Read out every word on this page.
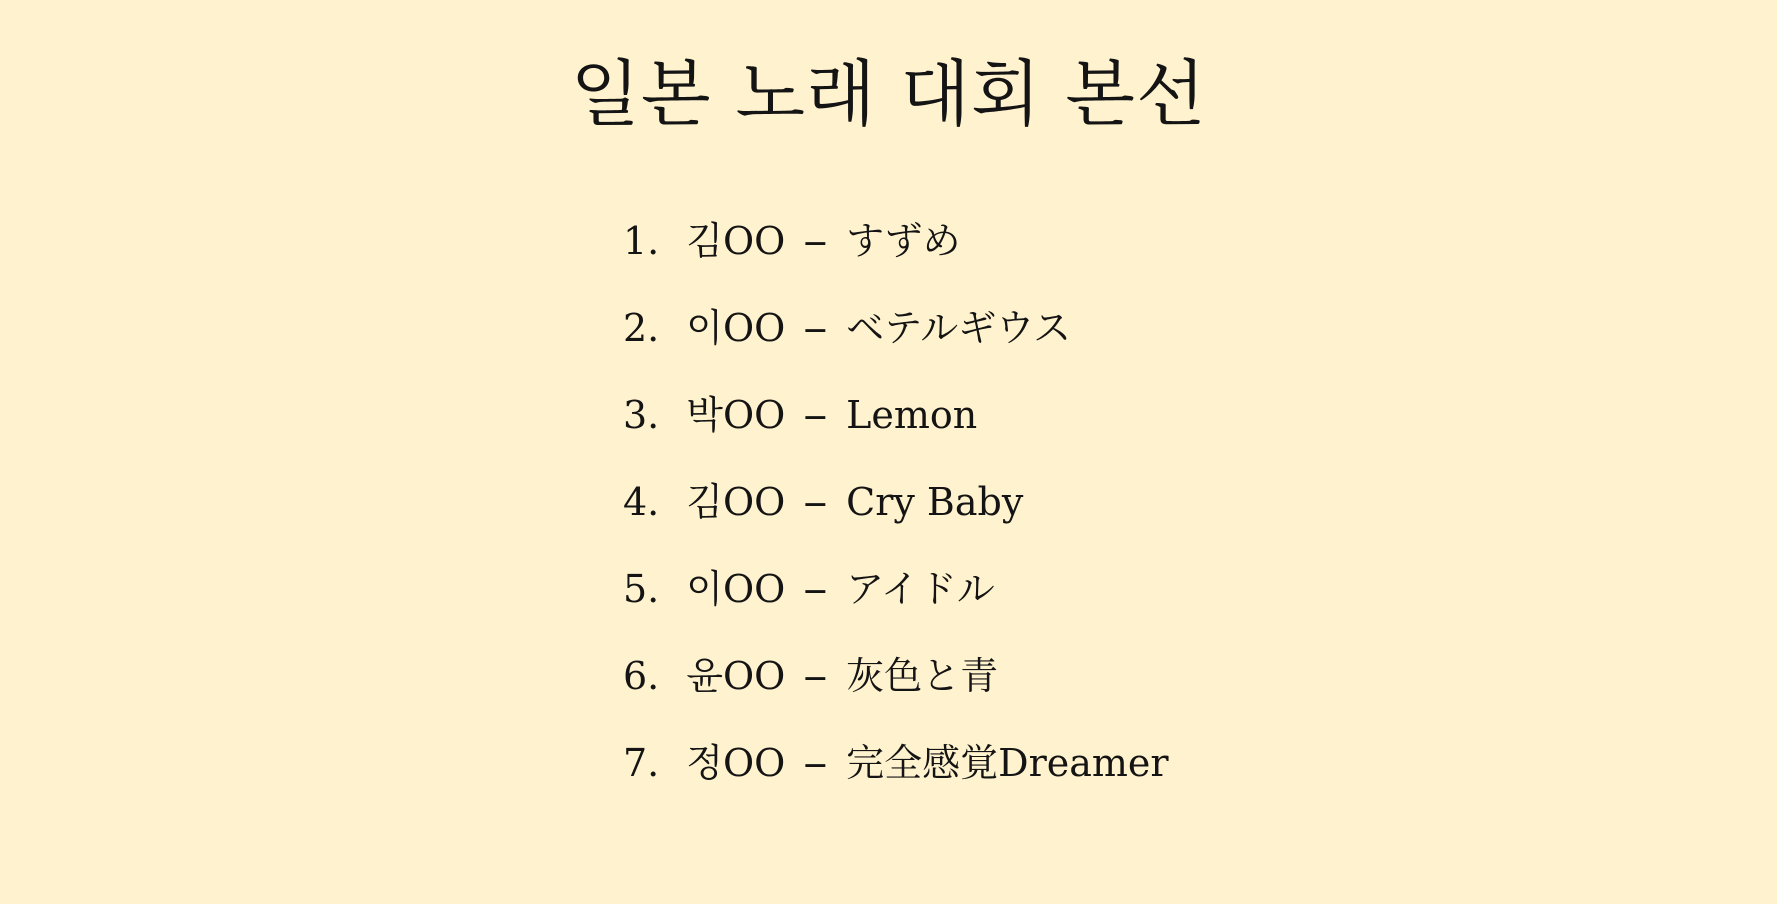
일본 노래 대회 본선
1. 김OO - すずめ
2. 이OO - ベテルギウス
3. 박OO - Lemon
4. 김OO - Cry Baby
5. 이OO - アイドル
6. 윤OO - 灰色と青
7. 정OO - 完全感覚Dreamer
